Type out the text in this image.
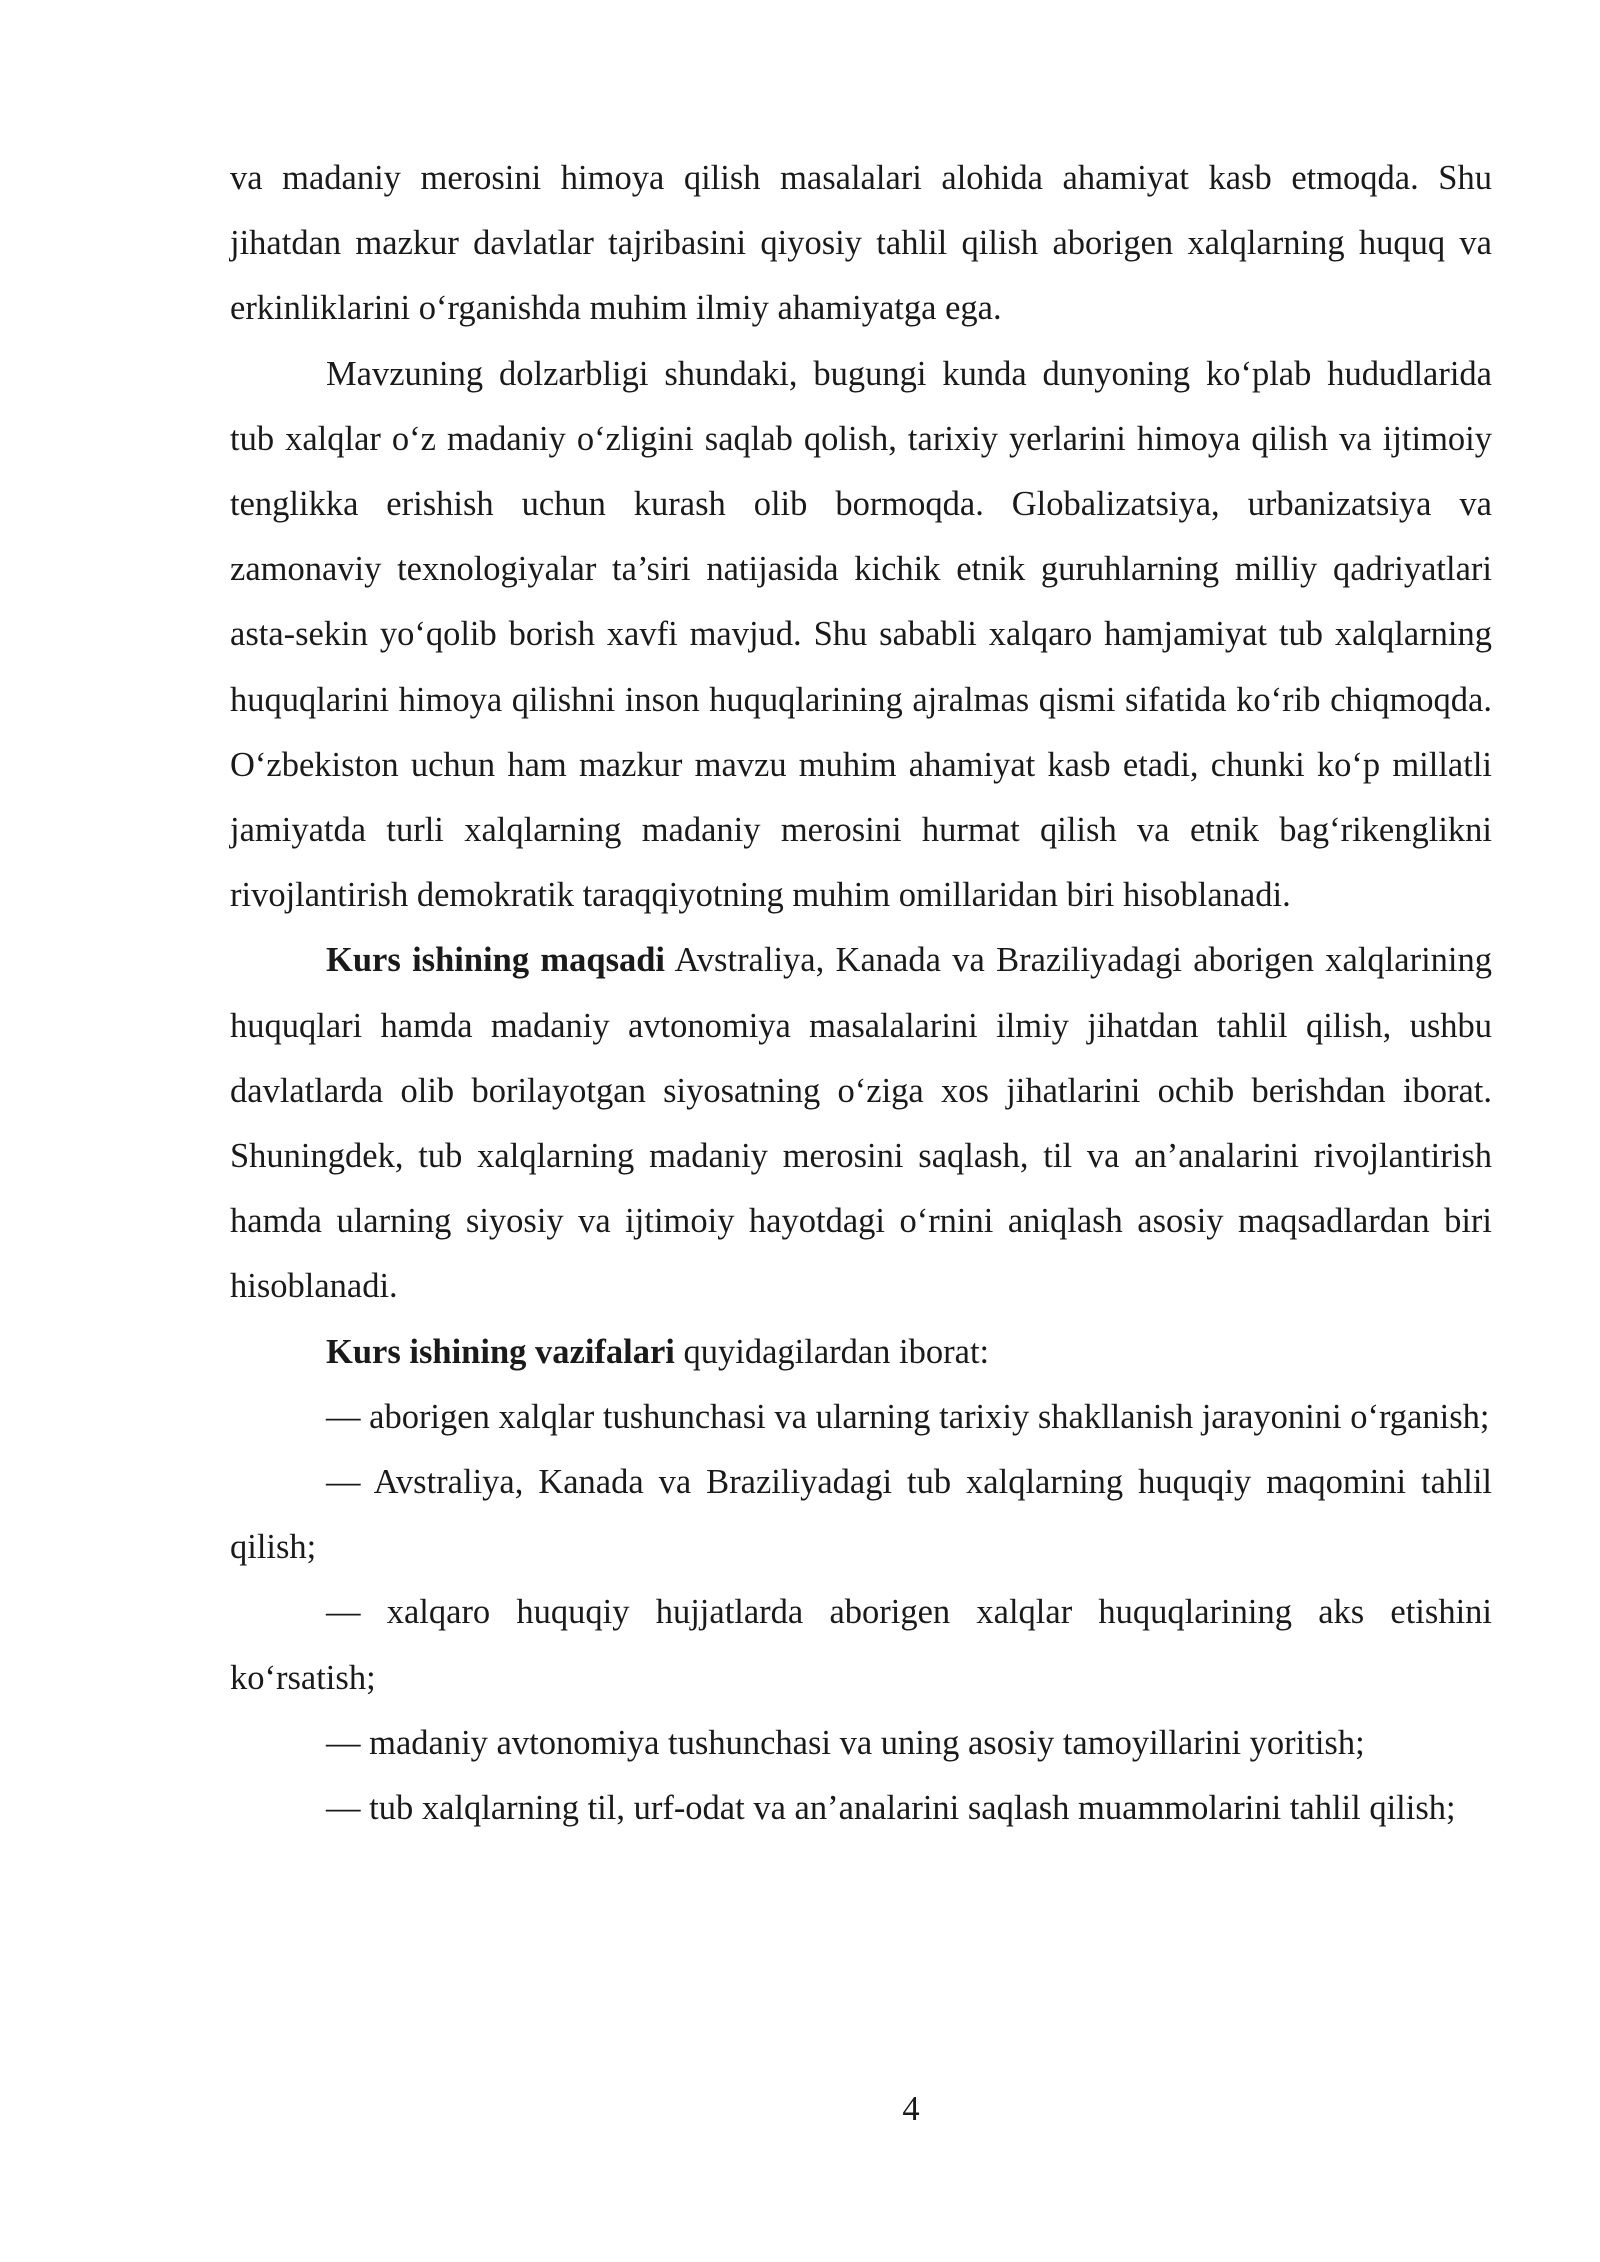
va madaniy merosini himoya qilish masalalari alohida ahamiyat kasb etmoqda. Shu jihatdan mazkur davlatlar tajribasini qiyosiy tahlil qilish aborigen xalqlarning huquq va erkinliklarini o‘rganishda muhim ilmiy ahamiyatga ega.

Mavzuning dolzarbligi shundaki, bugungi kunda dunyoning ko‘plab hududlarida tub xalqlar o‘z madaniy o‘zligini saqlab qolish, tarixiy yerlarini himoya qilish va ijtimoiy tenglikka erishish uchun kurash olib bormoqda. Globalizatsiya, urbanizatsiya va zamonaviy texnologiyalar ta’siri natijasida kichik etnik guruhlarning milliy qadriyatlari asta-sekin yo‘qolib borish xavfi mavjud. Shu sababli xalqaro hamjamiyat tub xalqlarning huquqlarini himoya qilishni inson huquqlarining ajralmas qismi sifatida ko‘rib chiqmoqda. O‘zbekiston uchun ham mazkur mavzu muhim ahamiyat kasb etadi, chunki ko‘p millatli jamiyatda turli xalqlarning madaniy merosini hurmat qilish va etnik bag‘rikenglikni rivojlantirish demokratik taraqqiyotning muhim omillaridan biri hisoblanadi.

Kurs ishining maqsadi Avstraliya, Kanada va Braziliyadagi aborigen xalqlarining huquqlari hamda madaniy avtonomiya masalalarini ilmiy jihatdan tahlil qilish, ushbu davlatlarda olib borilayotgan siyosatning o‘ziga xos jihatlarini ochib berishdan iborat. Shuningdek, tub xalqlarning madaniy merosini saqlash, til va an’analarini rivojlantirish hamda ularning siyosiy va ijtimoiy hayotdagi o‘rnini aniqlash asosiy maqsadlardan biri hisoblanadi.

Kurs ishining vazifalari quyidagilardan iborat:

— aborigen xalqlar tushunchasi va ularning tarixiy shakllanish jarayonini o‘rganish;

— Avstraliya, Kanada va Braziliyadagi tub xalqlarning huquqiy maqomini tahlil qilish;

— xalqaro huquqiy hujjatlarda aborigen xalqlar huquqlarining aks etishini ko‘rsatish;

— madaniy avtonomiya tushunchasi va uning asosiy tamoyillarini yoritish;

— tub xalqlarning til, urf-odat va an’analarini saqlash muammolarini tahlil qilish;

4
